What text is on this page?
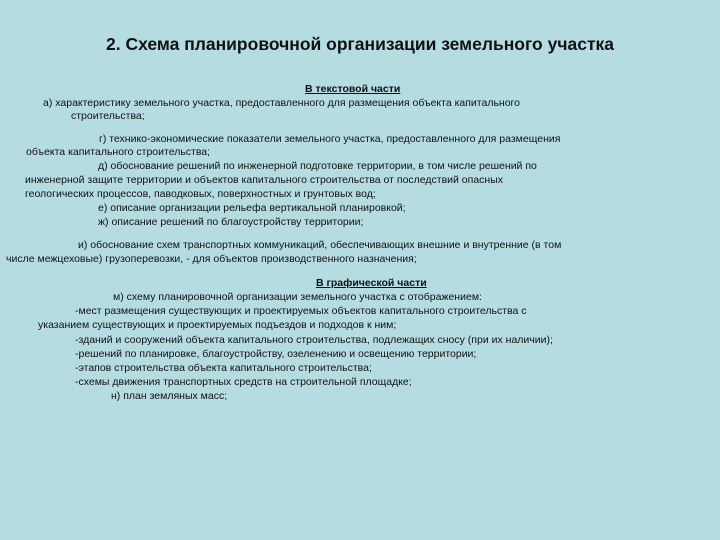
2. Схема планировочной организации земельного участка
В текстовой части
а) характеристику земельного участка, предоставленного для размещения объекта капитального
строительства;
г) технико-экономические показатели земельного участка, предоставленного для размещения
объекта капитального строительства;
д) обоснование решений по инженерной подготовке территории, в том числе решений по
инженерной защите территории и объектов капитального строительства от последствий опасных
геологических процессов, паводковых, поверхностных и грунтовых вод;
е) описание организации рельефа вертикальной планировкой;
ж) описание решений по благоустройству территории;
и) обоснование схем транспортных коммуникаций, обеспечивающих внешние и внутренние (в том
числе межцеховые) грузоперевозки, - для объектов производственного назначения;
В графической части
м) схему планировочной организации земельного участка с отображением:
-мест размещения существующих и проектируемых объектов капитального строительства с
указанием существующих и проектируемых подъездов и подходов к ним;
-зданий и сооружений объекта капитального строительства, подлежащих сносу (при их наличии);
-решений по планировке, благоустройству, озеленению и освещению территории;
-этапов строительства объекта капитального строительства;
-схемы движения транспортных средств на строительной площадке;
н) план земляных масс;
